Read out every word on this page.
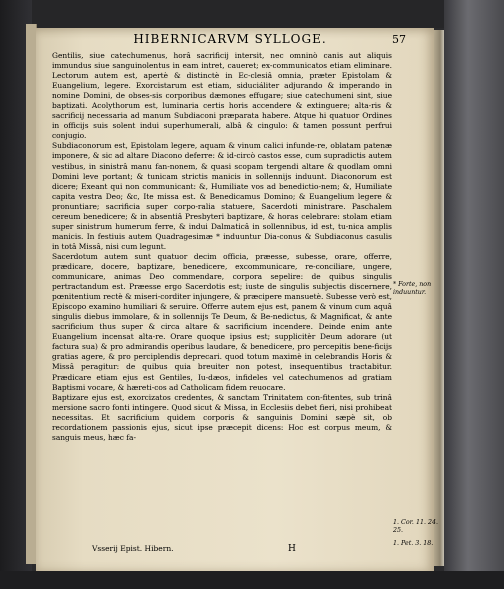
HIBERNICARVM SYLLOGE.	57

Gentilis, siue catechumenus, horâ sacrificij intersit, nec omninò canis aut aliquis immundus siue sanguinolentus in eam intret, caueret; ex-communicatos etiam eliminare. Lectorum autem est, apertè & distinctè in Ec-clesiâ omnia, præter Epistolam & Euangelium, legere. Exorcistarum est etiam, siduciáliter adjurando & imperando in nomine Domini, de obses-sis corporibus dæmones effugare; siue catechumeni sint, siue baptizati. Acolythorum est, luminaria certis horis accendere & extinguere; alta-ris & sacrificij necessaria ad manum Subdiaconi præparata habere. Atque hi quatuor Ordines in officijs suis solent indui superhumerali, albâ & cingulo: & tamen possunt perfrui conjugio.

Subdiaconorum est, Epistolam legere, aquam & vinum calici infunde-re, oblatam patenæ imponere, & sic ad altare Diacono deferre: & id-circò castos esse, cum supradictis autem vestibus, in sinistrâ manu fan-nonem, & quasi scopam tergendi altare & quodlam omni Domini leve portant; & tunicam strictis manicis in sollennijs induunt. Diaconorum est dicere; Exeant qui non communicant: &, Humiliate vos ad benedictio-nem; &, Humiliate capita vestra Deo; &c, Ite missa est. & Benedicamus Domino; & Euangelium legere & pronuntiare; sacrificia super corpo-ralia statuere, Sacerdoti ministrare. Paschalem cereum benedicere; & in absentiâ Presbyteri baptizare, & horas celebrare: stolam etiam super sinistrum humerum ferre, & indui Dalmaticâ in sollennibus, id est, tu-nica amplis manicis. In festiuis autem Quadragesimæ * induuntur Dia-conus & Subdiaconus casulis in totâ Missâ, nisi cum legunt.

Sacerdotum autem sunt quatuor decim officia, præesse, subesse, orare, offerre, prædicare, docere, baptizare, benedicere, excommunicare, re-conciliare, ungere, communicare, animas Deo commendare, corpora sepelire: de quibus singulis pertractandum est. Præesse ergo Sacerdotis est; iuste de singulis subjectis discernere, pœnitentium rectè & miseri-corditer injungere, & præcipere mansuetè. Subesse verò est, Episcopo examino humiliari & seruire. Offerre autem ejus est, panem & vinum cum aquâ singulis diebus immolare, & in sollennijs Te Deum, & Be-nedictus, & Magnificat, & ante sacrificium thus super & circa altare & sacrificium incendere. Deinde enim ante Euangelium incensat alta-re. Orare quoque ipsius est; supplicitèr Deum adorare (ut factura sua) & pro admirandis operibus laudare, & benedicere, pro percepitis bene-ficijs gratias agere, & pro perciplendis deprecari. quod totum maximè in celebrandis Horis & Missâ peragitur: de quibus quia breuiter non potest, insequentibus tractabitur. Prædicare etiam ejus est Gentiles, Iu-dæos, infideles vel catechumenos ad gratiam Baptismi vocare, & hæreti-cos ad Catholicam fidem reuocare.

Baptizare ejus est, exorcizatos credentes, & sanctam Trinitatem con-fitentes, sub trinâ mersione sacro fonti intingere. Quod sicut & Missa, in Ecclesiis debet fieri, nisi prohibeat necessitas. Et sacrificium quidem corporis & sanguinis Domini sæpè sit, ob recordationem passionis ejus, sicut ipse præcepit dicens: Hoc est corpus meum, & sanguis meus, hæc fa-

* Forte, non induuntur.
1. Cor. 11. 24. 25.
1. Pet. 3. 18.
Vsserij Epist. Hibern.	H
